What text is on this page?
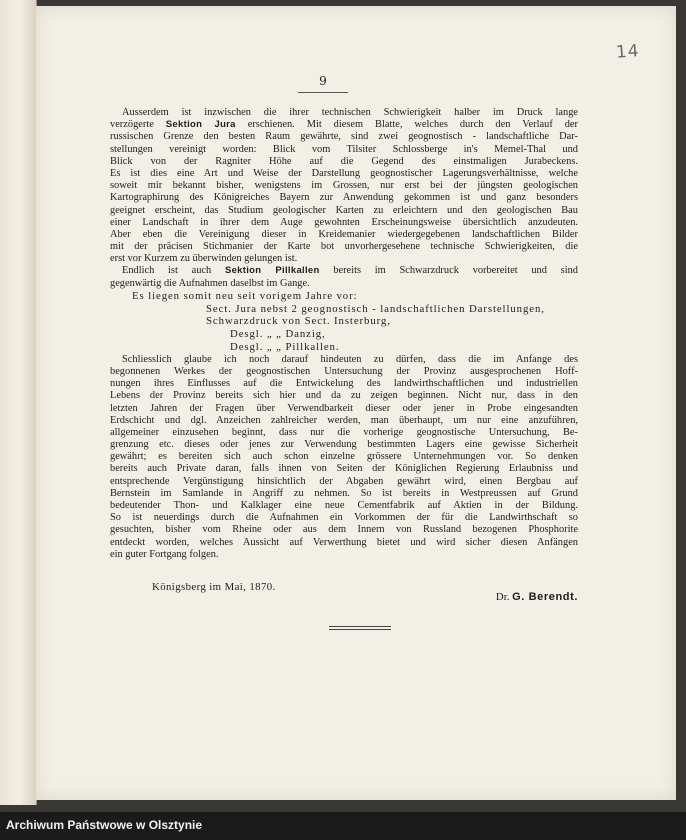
14
9
Ausserdem ist inzwischen die ihrer technischen Schwierigkeit halber im Druck lange
verzögerte Sektion Jura erschienen. Mit diesem Blatte, welches durch den Verlauf der
russischen Grenze den besten Raum gewährte, sind zwei geognostisch - landschaftliche Dar-
stellungen vereinigt worden: Blick vom Tilsiter Schlossberge in's Memel-Thal und
Blick von der Ragniter Höhe auf die Gegend des einstmaligen Jurabeckens.
Es ist dies eine Art und Weise der Darstellung geognostischer Lagerungsverhältnisse, welche
soweit mir bekannt bisher, wenigstens im Grossen, nur erst bei der jüngsten geologischen
Kartographirung des Königreiches Bayern zur Anwendung gekommen ist und ganz besonders
geeignet erscheint, das Studium geologischer Karten zu erleichtern und den geologischen Bau
einer Landschaft in ihrer dem Auge gewohnten Erscheinungsweise übersichtlich anzudeuten.
Aber eben die Vereinigung dieser in Kreidemanier wiedergegebenen landschaftlichen Bilder
mit der präcisen Stichmanier der Karte bot unvorhergesehene technische Schwierigkeiten, die
erst vor Kurzem zu überwinden gelungen ist.
Endlich ist auch Sektion Pillkallen bereits im Schwarzdruck vorbereitet und sind
gegenwärtig die Aufnahmen daselbst im Gange.
Es liegen somit neu seit vorigem Jahre vor:
Sect. Jura nebst 2 geognostisch - landschaftlichen Darstellungen,
Schwarzdruck von Sect. Insterburg,
Desgl. „ „ Danzig,
Desgl. „ „ Pillkallen.
Schliesslich glaube ich noch darauf hindeuten zu dürfen, dass die im Anfange des
begonnenen Werkes der geognostischen Untersuchung der Provinz ausgesprochenen Hoff-
nungen ihres Einflusses auf die Entwickelung des landwirthschaftlichen und industriellen
Lebens der Provinz bereits sich hier und da zu zeigen beginnen. Nicht nur, dass in den
letzten Jahren der Fragen über Verwendbarkeit dieser oder jener in Probe eingesandten
Erdschicht und dgl. Anzeichen zahlreicher werden, man überhaupt, um nur eine anzuführen,
allgemeiner einzusehen beginnt, dass nur die vorherige geognostische Untersuchung, Be-
grenzung etc. dieses oder jenes zur Verwendung bestimmten Lagers eine gewisse Sicherheit
gewährt; es bereiten sich auch schon einzelne grössere Unternehmungen vor. So denken
bereits auch Private daran, falls ihnen von Seiten der Königlichen Regierung Erlaubniss und
entsprechende Vergünstigung hinsichtlich der Abgaben gewährt wird, einen Bergbau auf
Bernstein im Samlande in Angriff zu nehmen. So ist bereits in Westpreussen auf Grund
bedeutender Thon- und Kalklager eine neue Cementfabrik auf Aktien in der Bildung.
So ist neuerdings durch die Aufnahmen ein Vorkommen der für die Landwirthschaft so
gesuchten, bisher vom Rheine oder aus dem Innern von Russland bezogenen Phosphorite
entdeckt worden, welches Aussicht auf Verwerthung bietet und wird sicher diesen Anfängen
ein guter Fortgang folgen.
Königsberg im Mai, 1870.
Dr. G. Berendt.
Archiwum Państwowe w Olsztynie
